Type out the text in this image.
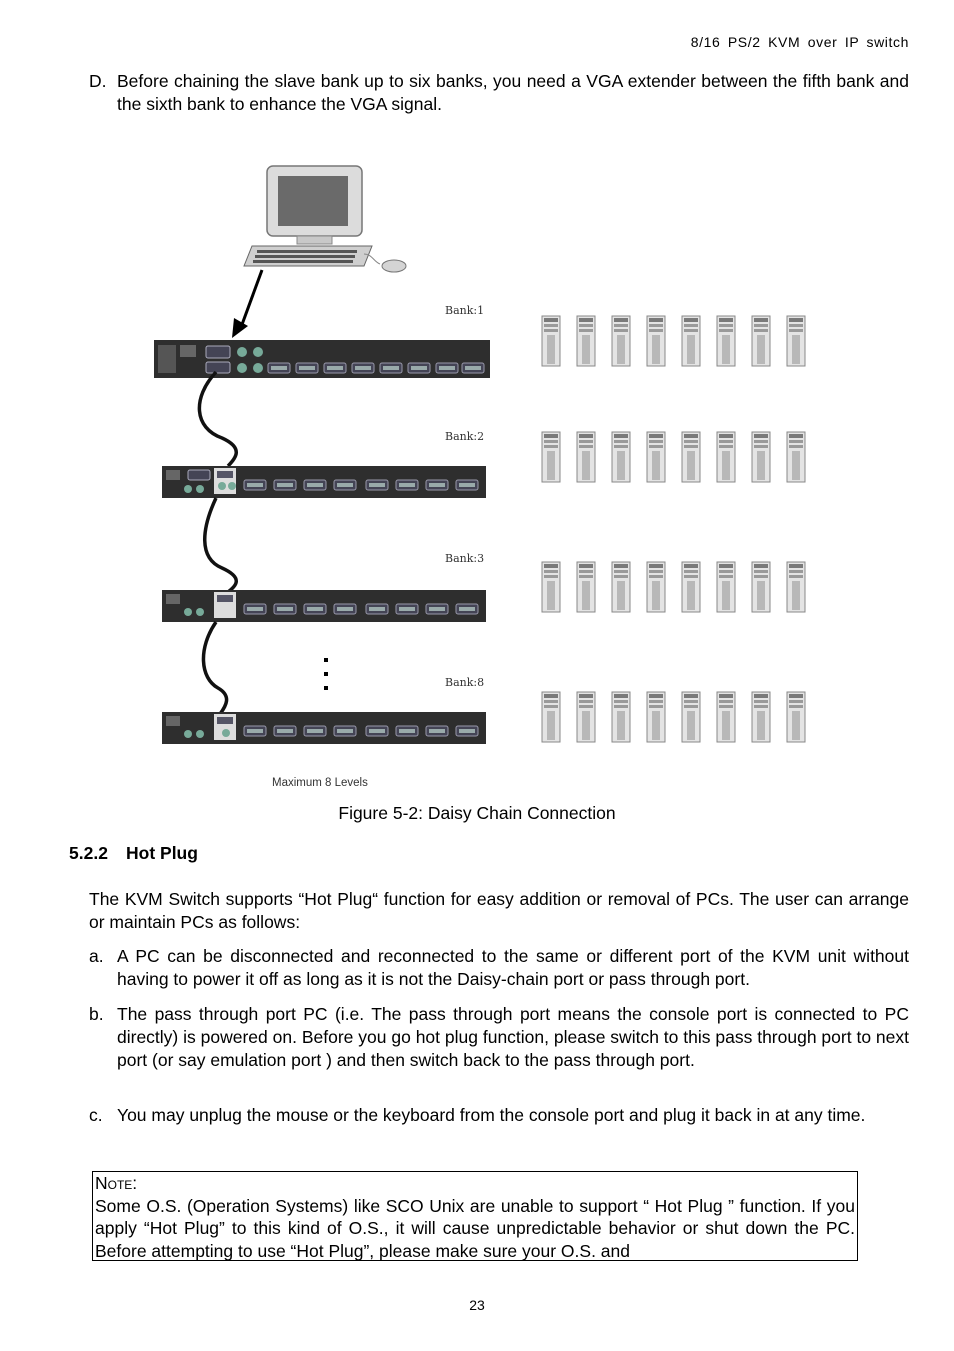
8/16 PS/2 KVM over IP switch
D. Before chaining the slave bank up to six banks, you need a VGA extender between the fifth bank and the sixth bank to enhance the VGA signal.
Bank:1
Bank:2
Bank:3
Bank:8
Maximum 8 Levels
Figure 5-2: Daisy Chain Connection
5.2.2 Hot Plug
The KVM Switch supports “Hot Plug“ function for easy addition or removal of PCs. The user can arrange or maintain PCs as follows:
a. A PC can be disconnected and reconnected to the same or different port of the KVM unit without having to power it off as long as it is not the Daisy-chain port or pass through port.
b. The pass through port PC (i.e. The pass through port means the console port is connected to PC directly) is powered on. Before you go hot plug function, please switch to this pass through port to next port (or say emulation port ) and then switch back to the pass through port.
c. You may unplug the mouse or the keyboard from the console port and plug it back in at any time.
Note:
Some O.S. (Operation Systems) like SCO Unix are unable to support “ Hot Plug ” function. If you apply “Hot Plug” to this kind of O.S., it will cause unpredictable behavior or shut down the PC. Before attempting to use “Hot Plug”, please make sure your O.S. and
23
